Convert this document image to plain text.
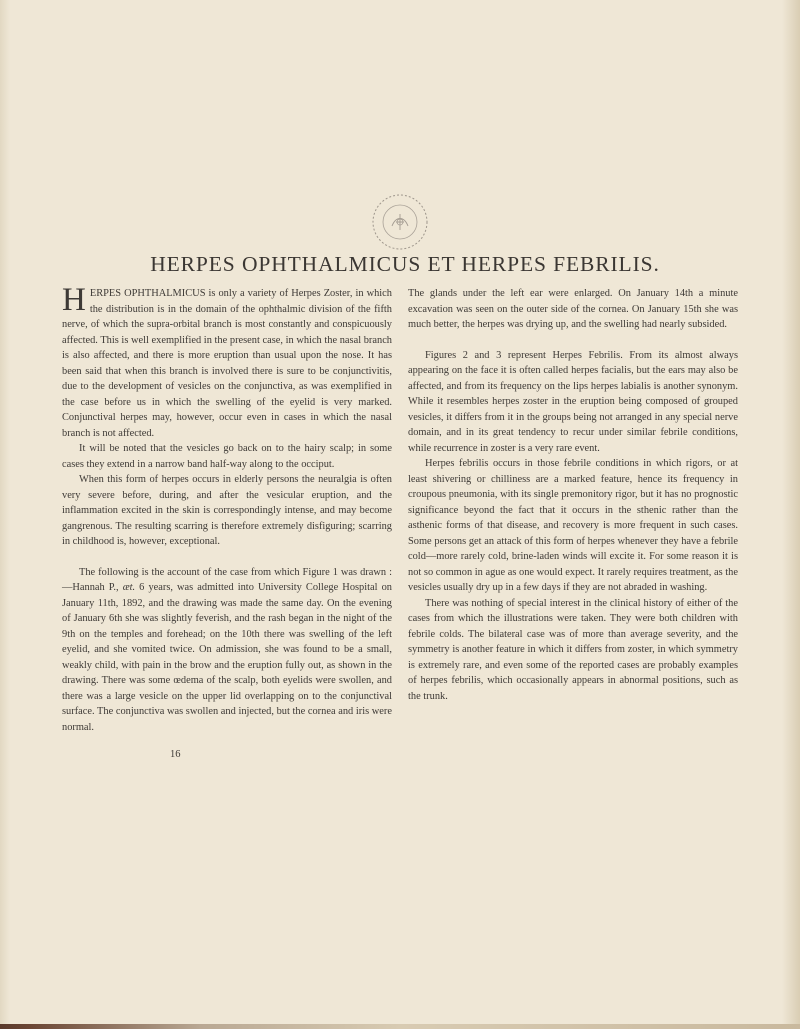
HERPES OPHTHALMICUS ET HERPES FEBRILIS.

HERPES OPHTHALMICUS is only a variety of Herpes Zoster, in which the distribution is in the domain of the ophthalmic division of the fifth nerve, of which the supra-orbital branch is most constantly and conspicuously affected. This is well exemplified in the present case, in which the nasal branch is also affected, and there is more eruption than usual upon the nose. It has been said that when this branch is involved there is sure to be conjunctivitis, due to the development of vesicles on the conjunctiva, as was exemplified in the case before us in which the swelling of the eyelid is very marked. Conjunctival herpes may, however, occur even in cases in which the nasal branch is not affected.

It will be noted that the vesicles go back on to the hairy scalp; in some cases they extend in a narrow band half-way along to the occiput.

When this form of herpes occurs in elderly persons the neuralgia is often very severe before, during, and after the vesicular eruption, and the inflammation excited in the skin is correspondingly intense, and may become gangrenous. The resulting scarring is therefore extremely disfiguring; scarring in childhood is, however, exceptional.

The following is the account of the case from which Figure 1 was drawn :—Hannah P., æt. 6 years, was admitted into University College Hospital on January 11th, 1892, and the drawing was made the same day. On the evening of January 6th she was slightly feverish, and the rash began in the night of the 9th on the temples and forehead; on the 10th there was swelling of the left eyelid, and she vomited twice. On admission, she was found to be a small, weakly child, with pain in the brow and the eruption fully out, as shown in the drawing. There was some œdema of the scalp, both eyelids were swollen, and there was a large vesicle on the upper lid overlapping on to the conjunctival surface. The conjunctiva was swollen and injected, but the cornea and iris were normal.

The glands under the left ear were enlarged. On January 14th a minute excavation was seen on the outer side of the cornea. On January 15th she was much better, the herpes was drying up, and the swelling had nearly subsided.

Figures 2 and 3 represent Herpes Febrilis. From its almost always appearing on the face it is often called herpes facialis, but the ears may also be affected, and from its frequency on the lips herpes labialis is another synonym. While it resembles herpes zoster in the eruption being composed of grouped vesicles, it differs from it in the groups being not arranged in any special nerve domain, and in its great tendency to recur under similar febrile conditions, while recurrence in zoster is a very rare event.

Herpes febrilis occurs in those febrile conditions in which rigors, or at least shivering or chilliness are a marked feature, hence its frequency in croupous pneumonia, with its single premonitory rigor, but it has no prognostic significance beyond the fact that it occurs in the sthenic rather than the asthenic forms of that disease, and recovery is more frequent in such cases. Some persons get an attack of this form of herpes whenever they have a febrile cold—more rarely cold, brine-laden winds will excite it. For some reason it is not so common in ague as one would expect. It rarely requires treatment, as the vesicles usually dry up in a few days if they are not abraded in washing.

There was nothing of special interest in the clinical history of either of the cases from which the illustrations were taken. They were both children with febrile colds. The bilateral case was of more than average severity, and the symmetry is another feature in which it differs from zoster, in which symmetry is extremely rare, and even some of the reported cases are probably examples of herpes febrilis, which occasionally appears in abnormal positions, such as the trunk.

16
